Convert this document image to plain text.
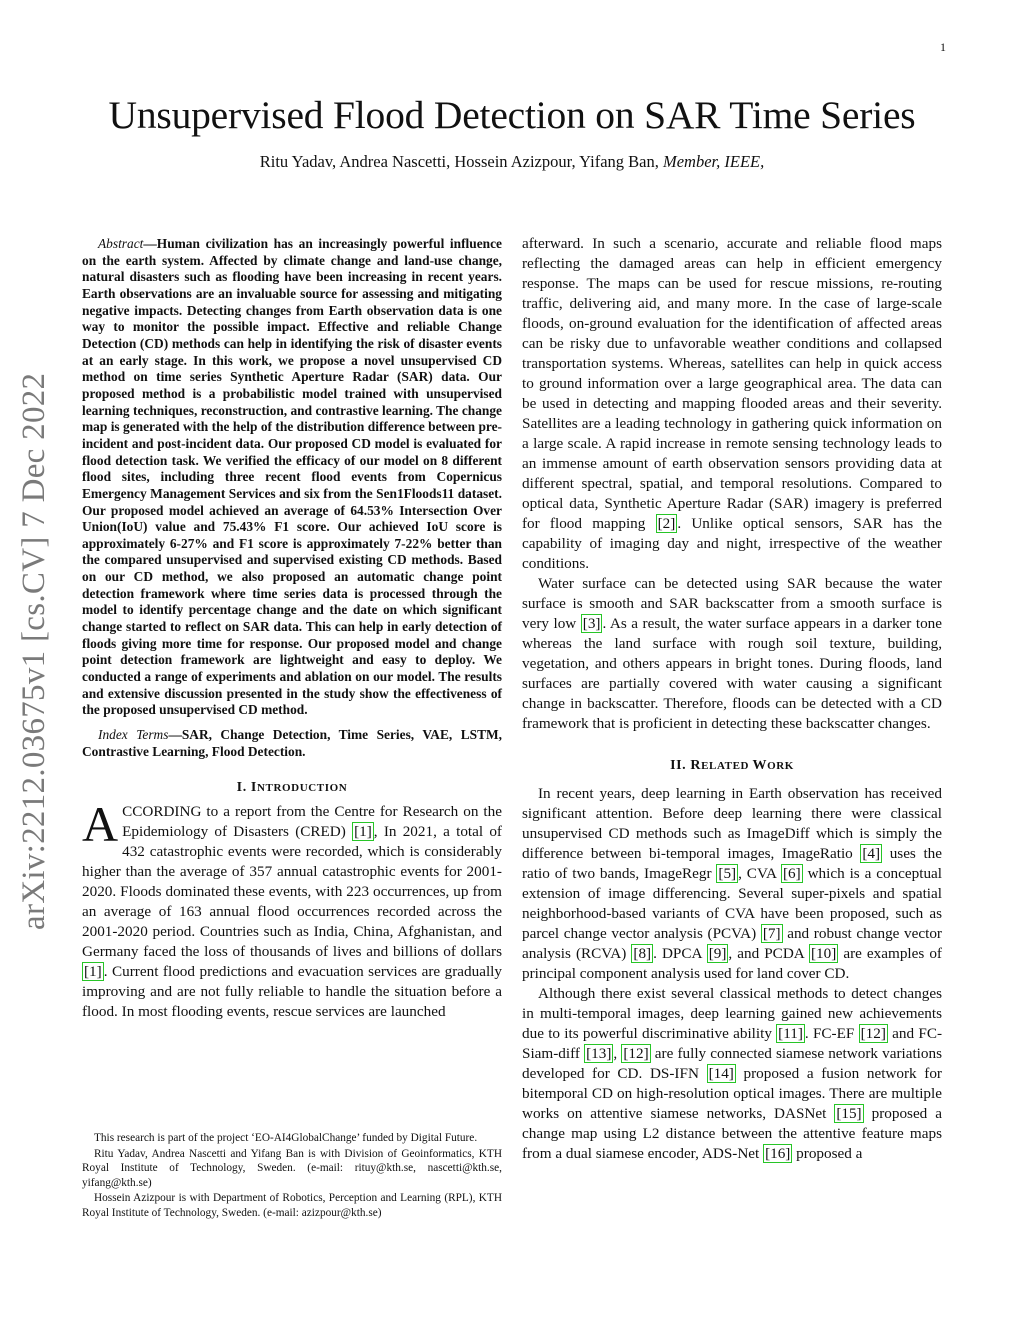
1
arXiv:2212.03675v1 [cs.CV] 7 Dec 2022
Unsupervised Flood Detection on SAR Time Series
Ritu Yadav, Andrea Nascetti, Hossein Azizpour, Yifang Ban, Member, IEEE,

Abstract—Human civilization has an increasingly powerful influence on the earth system. Affected by climate change and land-use change, natural disasters such as flooding have been increasing in recent years. Earth observations are an invaluable source for assessing and mitigating negative impacts. Detecting changes from Earth observation data is one way to monitor the possible impact. Effective and reliable Change Detection (CD) methods can help in identifying the risk of disaster events at an early stage. In this work, we propose a novel unsupervised CD method on time series Synthetic Aperture Radar (SAR) data. Our proposed method is a probabilistic model trained with unsupervised learning techniques, reconstruction, and contrastive learning. The change map is generated with the help of the distribution difference between pre-incident and post-incident data. Our proposed CD model is evaluated for flood detection task. We verified the efficacy of our model on 8 different flood sites, including three recent flood events from Copernicus Emergency Management Services and six from the Sen1Floods11 dataset. Our proposed model achieved an average of 64.53% Intersection Over Union(IoU) value and 75.43% F1 score. Our achieved IoU score is approximately 6-27% and F1 score is approximately 7-22% better than the compared unsupervised and supervised existing CD methods. Based on our CD method, we also proposed an automatic change point detection framework where time series data is processed through the model to identify percentage change and the date on which significant change started to reflect on SAR data. This can help in early detection of floods giving more time for response. Our proposed model and change point detection framework are lightweight and easy to deploy. We conducted a range of experiments and ablation on our model. The results and extensive discussion presented in the study show the effectiveness of the proposed unsupervised CD method.

Index Terms—SAR, Change Detection, Time Series, VAE, LSTM, Contrastive Learning, Flood Detection.

I. INTRODUCTION

ACCORDING to a report from the Centre for Research on the Epidemiology of Disasters (CRED) [1] , In 2021, a total of 432 catastrophic events were recorded, which is considerably higher than the average of 357 annual catastrophic events for 2001-2020. Floods dominated these events, with 223 occurrences, up from an average of 163 annual flood occurrences recorded across the 2001-2020 period. Countries such as India, China, Afghanistan, and Germany faced the loss of thousands of lives and billions of dollars [1] . Current flood predictions and evacuation services are gradually improving and are not fully reliable to handle the situation before a flood. In most flooding events, rescue services are launched

This research is part of the project ‘EO-AI4GlobalChange’ funded by Digital Future.

Ritu Yadav, Andrea Nascetti and Yifang Ban is with Division of Geoinformatics, KTH Royal Institute of Technology, Sweden. (e-mail: rituy@kth.se, nascetti@kth.se, yifang@kth.se)

Hossein Azizpour is with Department of Robotics, Perception and Learning (RPL), KTH Royal Institute of Technology, Sweden. (e-mail: azizpour@kth.se)

afterward. In such a scenario, accurate and reliable flood maps reflecting the damaged areas can help in efficient emergency response. The maps can be used for rescue missions, re-routing traffic, delivering aid, and many more. In the case of large-scale floods, on-ground evaluation for the identification of affected areas can be risky due to unfavorable weather conditions and collapsed transportation systems. Whereas, satellites can help in quick access to ground information over a large geographical area. The data can be used in detecting and mapping flooded areas and their severity. Satellites are a leading technology in gathering quick information on a large scale. A rapid increase in remote sensing technology leads to an immense amount of earth observation sensors providing data at different spectral, spatial, and temporal resolutions. Compared to optical data, Synthetic Aperture Radar (SAR) imagery is preferred for flood mapping [2] . Unlike optical sensors, SAR has the capability of imaging day and night, irrespective of the weather conditions.

Water surface can be detected using SAR because the water surface is smooth and SAR backscatter from a smooth surface is very low [3] . As a result, the water surface appears in a darker tone whereas the land surface with rough soil texture, building, vegetation, and others appears in bright tones. During floods, land surfaces are partially covered with water causing a significant change in backscatter. Therefore, floods can be detected with a CD framework that is proficient in detecting these backscatter changes.

II. RELATED WORK

In recent years, deep learning in Earth observation has received significant attention. Before deep learning there were classical unsupervised CD methods such as ImageDiff which is simply the difference between bi-temporal images, ImageRatio [4] uses the ratio of two bands, ImageRegr [5] , CVA [6] which is a conceptual extension of image differencing. Several super-pixels and spatial neighborhood-based variants of CVA have been proposed, such as parcel change vector analysis (PCVA) [7] and robust change vector analysis (RCVA) [8] . DPCA [9] , and PCDA [10] are examples of principal component analysis used for land cover CD.

Although there exist several classical methods to detect changes in multi-temporal images, deep learning gained new achievements due to its powerful discriminative ability [11] . FC-EF [12] and FC-Siam-diff [13] , [12] are fully connected siamese network variations developed for CD. DS-IFN [14] proposed a fusion network for bitemporal CD on high-resolution optical images. There are multiple works on attentive siamese networks, DASNet [15] proposed a change map using L2 distance between the attentive feature maps from a dual siamese encoder, ADS-Net [16] proposed a
